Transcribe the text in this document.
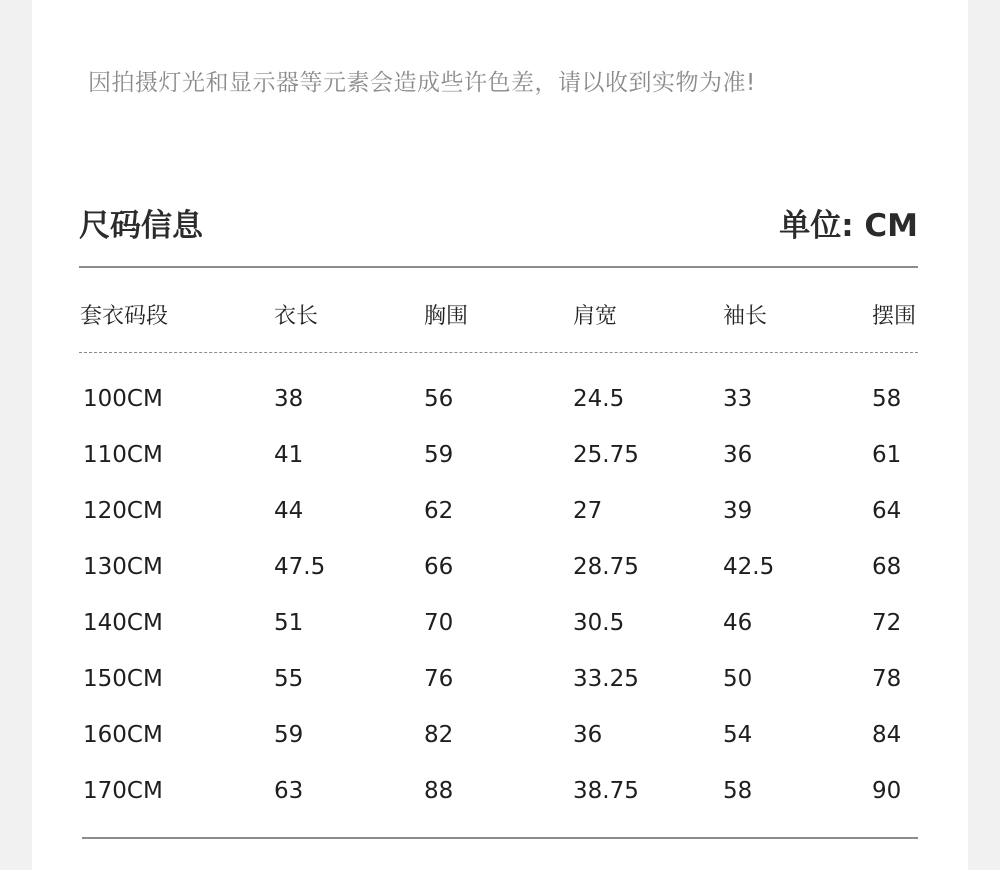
因拍摄灯光和显示器等元素会造成些许色差，请以收到实物为准!
尺码信息	单位: CM
套衣码段	衣长	胸围	肩宽	袖长	摆围
100CM	38	56	24.5	33	58
110CM	41	59	25.75	36	61
120CM	44	62	27	39	64
130CM	47.5	66	28.75	42.5	68
140CM	51	70	30.5	46	72
150CM	55	76	33.25	50	78
160CM	59	82	36	54	84
170CM	63	88	38.75	58	90
